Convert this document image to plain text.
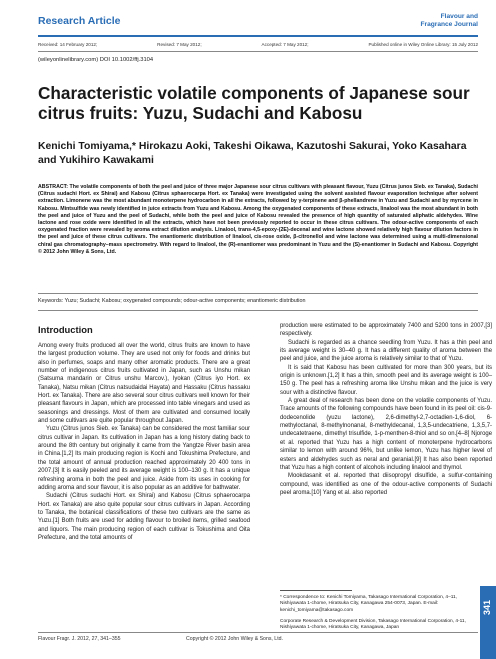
Research Article	Flavour and
Fragrance Journal
Received: 14 February 2012;	Revised: 7 May 2012;	Accepted: 7 May 2012;	Published online in Wiley Online Library: 15 July 2012
(wileyonlinelibrary.com) DOI 10.1002/ffj.3104
Characteristic volatile components of Japanese sour citrus fruits: Yuzu, Sudachi and Kabosu
Kenichi Tomiyama,* Hirokazu Aoki, Takeshi Oikawa, Kazutoshi Sakurai, Yoko Kasahara and Yukihiro Kawakami
ABSTRACT: The volatile components of both the peel and juice of three major Japanese sour citrus cultivars with pleasant flavour, Yuzu (Citrus junos Sieb. ex Tanaka), Sudachi (Citrus sudachi Hort. ex Shirai) and Kabosu (Citrus sphaerocarpa Hort. ex Tanaka) were investigated using the solvent assisted flavour evaporation technique after solvent extraction. Limonene was the most abundant monoterpene hydrocarbon in all the extracts, followed by γ-terpinene and β-phellandrene in Yuzu and Sudachi and by myrcene in Kabosu. Mintsulfide was newly identified in juice extracts from Yuzu and Kabosu. Among the oxygenated components of these extracts, linalool was the most abundant in both the peel and juice of Yuzu and the peel of Sudachi, while both the peel and juice of Kabosu revealed the presence of high quantity of saturated aliphatic aldehydes. Wine lactone and rose oxide were identified in all the extracts, which have not been previously reported to occur in these citrus cultivars. The odour-active components of each oxygenated fraction were revealed by aroma extract dilution analysis. Linalool, trans-4,5-epoxy-(2E)-decenal and wine lactone showed relatively high flavour dilution factors in the peel and juice of these citrus cultivars. The enantiomeric distribution of linalool, cis-rose oxide, β-citronellol and wine lactone was determined using a multi-dimensional chiral gas chromatography–mass spectrometry. With regard to linalool, the (R)-enantiomer was predominant in Yuzu and the (S)-enantiomer in Sudachi and Kabosu. Copyright © 2012 John Wiley & Sons, Ltd.
Keywords: Yuzu; Sudachi; Kabosu; oxygenated compounds; odour-active components; enantiomeric distribution
Introduction

Among every fruits produced all over the world, citrus fruits are known to have the largest production volume. They are used not only for foods and drinks but also in perfumes, soaps and many other aromatic products. There are a great number of indigenous citrus fruits cultivated in Japan, such as Unshu mikan (Satsuma mandarin or Citrus unshu Marcov.), Iyokan (Citrus iyo Hort. ex Tanaka), Natsu mikan (Citrus natsudaidai Hayata) and Hassaku (Citrus hassaku Hort. ex Tanaka). There are also several sour citrus cultivars well known for their pleasant flavours in Japan, which are processed into table vinegars and used as seasonings and dressings. Most of them are cultivated and consumed locally and some cultivars are quite popular throughout Japan.

Yuzu (Citrus junos Sieb. ex Tanaka) can be considered the most familiar sour citrus cultivar in Japan. Its cultivation in Japan has a long history dating back to around the 8th century but originally it came from the Yangtze River basin area in China.[1,2] Its main producing region is Kochi and Tokushima Prefecture, and the total amount of annual production reached approximately 20 400 tons in 2007.[3] It is easily peeled and its average weight is 100–130 g. It has a unique refreshing aroma in both the peel and juice. Aside from its uses in cooking for adding aroma and sour flavour, it is also popular as an additive for bathwater.

Sudachi (Citrus sudachi Hort. ex Shirai) and Kabosu (Citrus sphaerocarpa Hort. ex Tanaka) are also quite popular sour citrus cultivars in Japan. According to Tanaka, the botanical classifications of these two cultivars are the same as Yuzu.[1] Both fruits are used for adding flavour to broiled items, grilled seafood and liquors. The main producing region of each cultivar is Tokushima and Oita Prefecture, and the total amounts of

production were estimated to be approximately 7400 and 5200 tons in 2007,[3] respectively.

Sudachi is regarded as a chance seedling from Yuzu. It has a thin peel and its average weight is 30–40 g. It has a different quality of aroma between the peel and juice, and the juice aroma is relatively similar to that of Yuzu.

It is said that Kabosu has been cultivated for more than 300 years, but its origin is unknown.[1,2] It has a thin, smooth peel and its average weight is 100–150 g. The peel has a refreshing aroma like Unshu mikan and the juice is very sour with a distinctive flavour.

A great deal of research has been done on the volatile components of Yuzu. Trace amounts of the following compounds have been found in its peel oil: cis-9-dodecenolide (yuzu lactone), 2,6-dimethyl-2,7-octadien-1,6-diol, 6-methyloctanal, 8-methylnonanal, 8-methyldecanal, 1,3,5-undecatriene, 1,3,5,7-undecatetraene, dimethyl trisulfide, 1-p-menthen-8-thiol and so on.[4–8] Njoroge et al. reported that Yuzu has a high content of monoterpene hydrocarbons similar to lemon with around 96%, but unlike lemon, Yuzu has higher level of esters and aldehydes such as neral and geranial.[9] It has also been reported that Yuzu has a high content of alcohols including linalool and thymol.

Mookdasanit et al. reported that diisopropyl disulfide, a sulfur-containing compound, was identified as one of the odour-active components of Sudachi peel aroma.[10] Yang et al. also reported

* Correspondence to: Kenichi Tomiyama, Takasago International Corporation, 4–11, Nishiyawata 1-chome, Hiratsuka City, Kanagawa 254-0073, Japan. E-mail: kenichi_tomiyama@takasago.com
Corporate Research & Development Division, Takasago International Corporation, 4-11, Nishiyawata 1-chome, Hiratsuka City, Kanagawa, Japan
Flavour Fragr. J. 2012, 27, 341–355	Copyright © 2012 John Wiley & Sons, Ltd.
341
